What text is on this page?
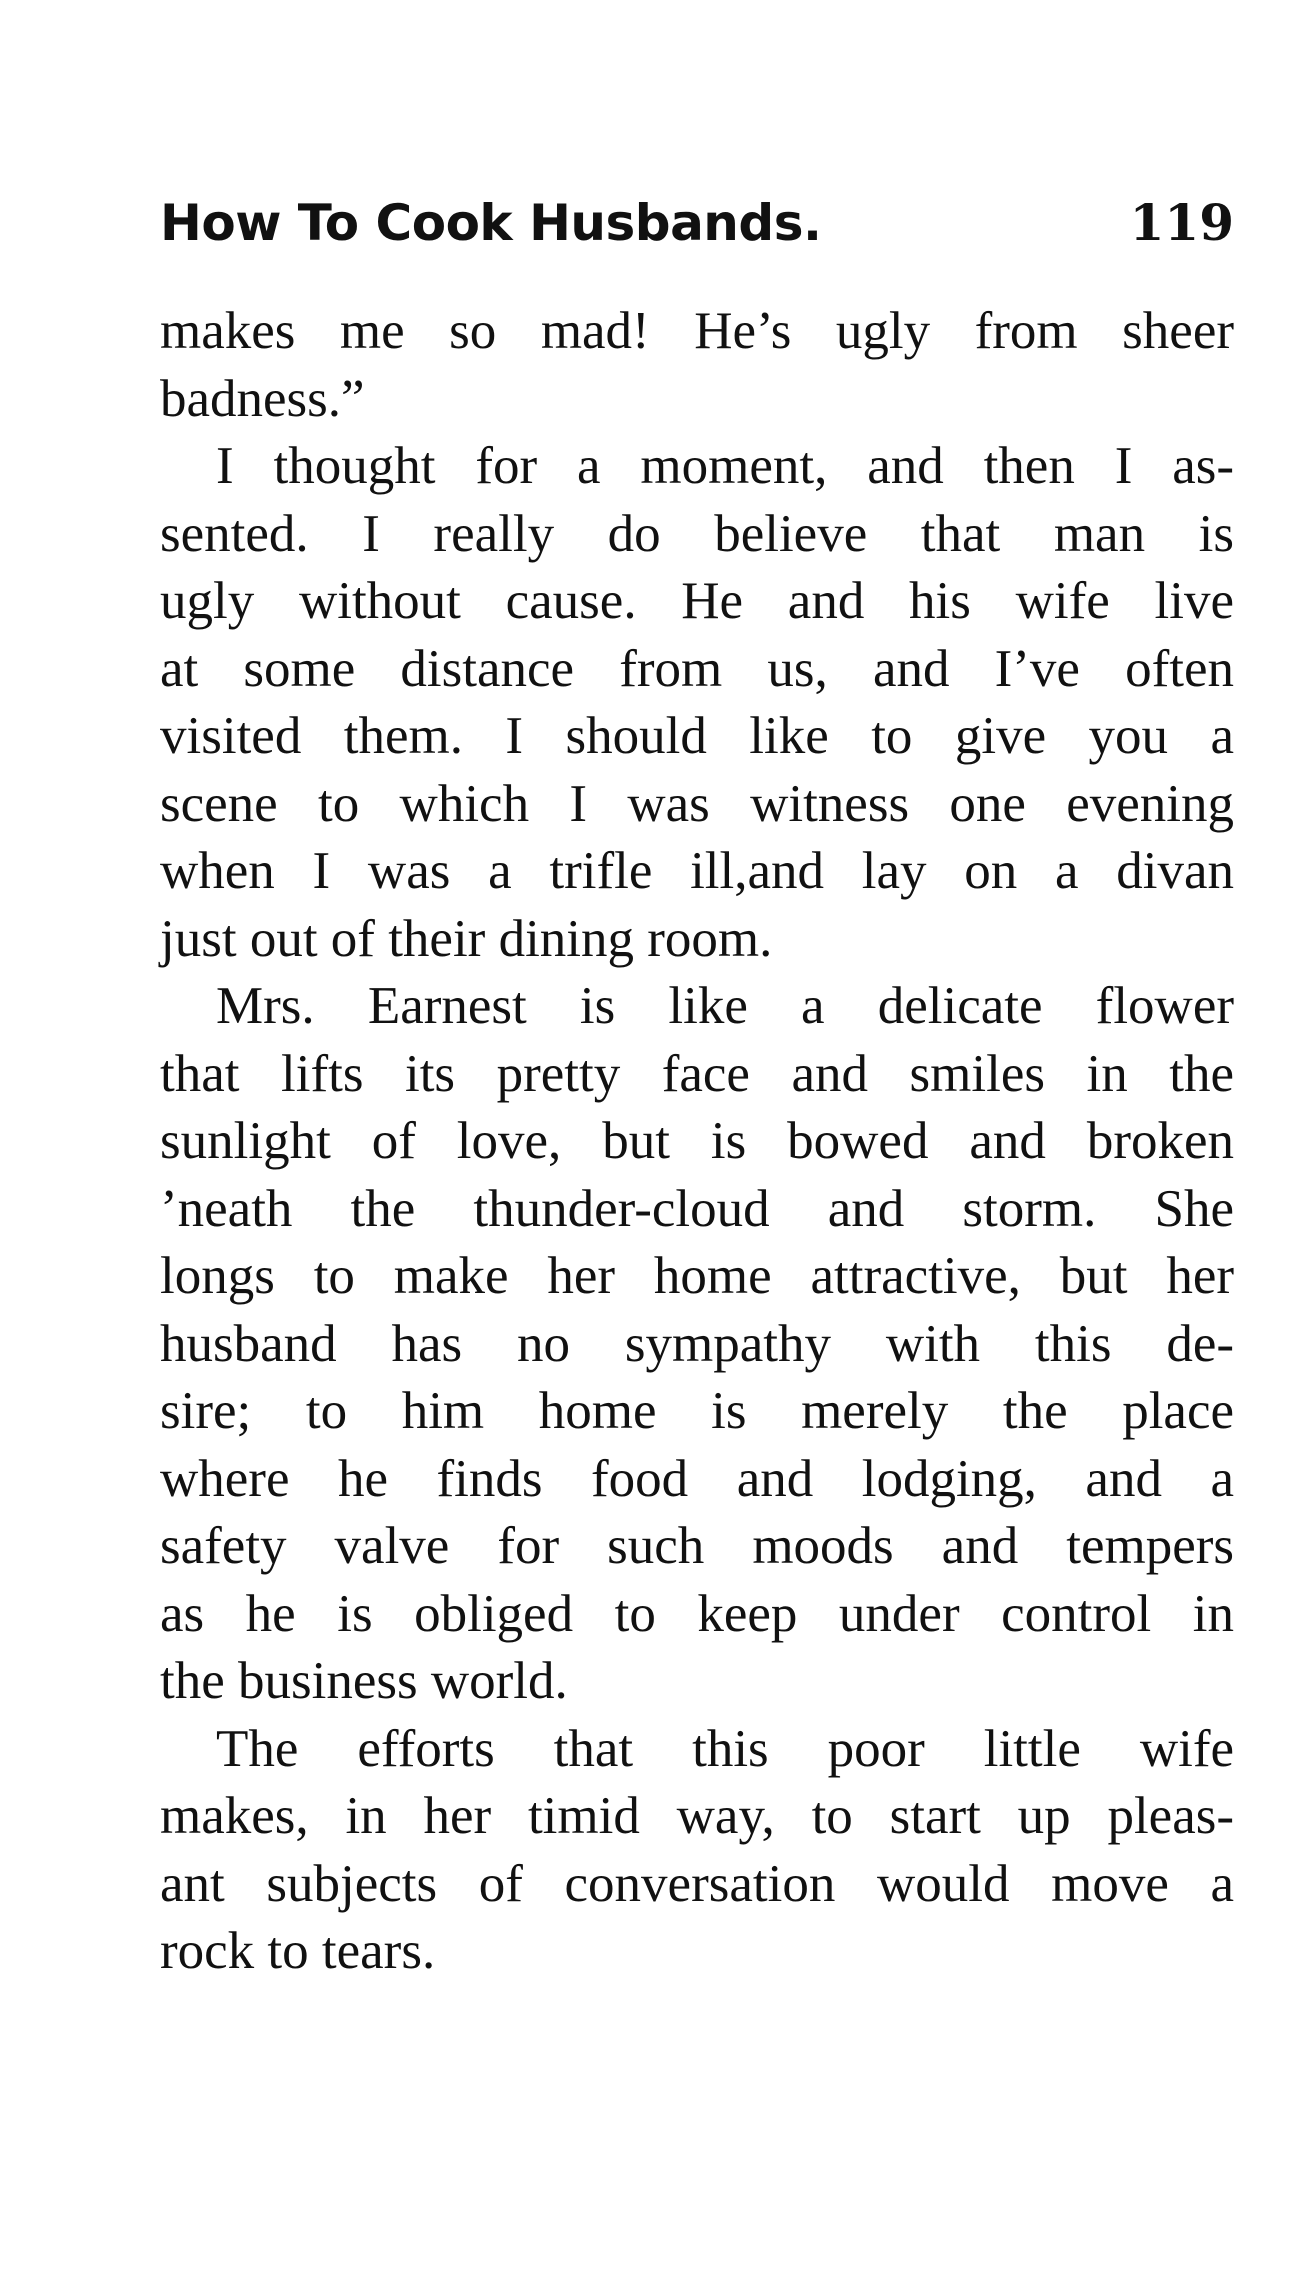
How To Cook Husbands.	119
makes me so mad! He’s ugly from sheer
badness.”
I thought for a moment, and then I as-
sented. I really do believe that man is
ugly without cause. He and his wife live
at some distance from us, and I’ve often
visited them. I should like to give you a
scene to which I was witness one evening
when I was a trifle ill,and lay on a divan
just out of their dining room.
Mrs. Earnest is like a delicate flower
that lifts its pretty face and smiles in the
sunlight of love, but is bowed and broken
’neath the thunder-cloud and storm. She
longs to make her home attractive, but her
husband has no sympathy with this de-
sire; to him home is merely the place
where he finds food and lodging, and a
safety valve for such moods and tempers
as he is obliged to keep under control in
the business world.
The efforts that this poor little wife
makes, in her timid way, to start up pleas-
ant subjects of conversation would move a
rock to tears.
